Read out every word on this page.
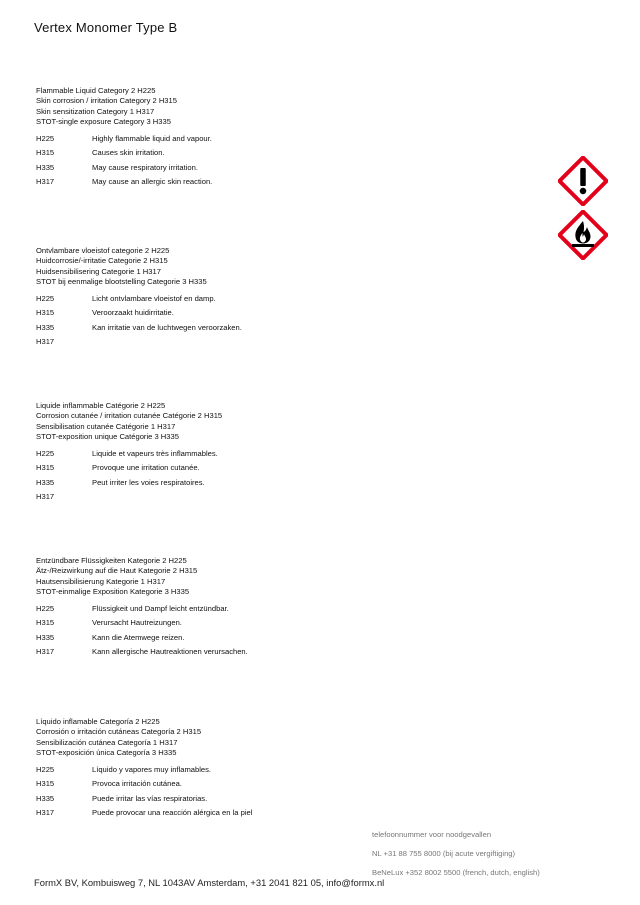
Vertex Monomer Type B
Flammable Liquid Category 2 H225
Skin corrosion / irritation Category 2 H315
Skin sensitization Category 1 H317
STOT-single exposure Category 3 H335
H225	Highly flammable liquid and vapour.
H315	Causes skin irritation.
H335	May cause respiratory irritation.
H317	May cause an allergic skin reaction.
Ontvlambare vloeistof categorie 2 H225
Huidcorrosie/-irritatie Categorie 2 H315
Huidsensibilisering Categorie 1 H317
STOT bij eenmalige blootstelling Categorie 3 H335
H225	Licht ontvlambare vloeistof en damp.
H315	Veroorzaakt huidirritatie.
H335	Kan irritatie van de luchtwegen veroorzaken.
H317
Liquide inflammable Catégorie 2 H225
Corrosion cutanée / irritation cutanée Catégorie 2 H315
Sensibilisation cutanée Catégorie 1 H317
STOT-exposition unique Catégorie 3 H335
H225	Liquide et vapeurs très inflammables.
H315	Provoque une irritation cutanée.
H335	Peut irriter les voies respiratoires.
H317
Entzündbare Flüssigkeiten Kategorie 2 H225
Ätz-/Reizwirkung auf die Haut Kategorie 2 H315
Hautsensibilisierung Kategorie 1 H317
STOT-einmalige Exposition Kategorie 3 H335
H225	Flüssigkeit und Dampf leicht entzündbar.
H315	Verursacht Hautreizungen.
H335	Kann die Atemwege reizen.
H317	Kann allergische Hautreaktionen verursachen.
Líquido inflamable Categoría 2 H225
Corrosión o irritación cutáneas Categoría 2 H315
Sensibilización cutánea Categoría 1 H317
STOT-exposición única Categoría 3 H335
H225	Líquido y vapores muy inflamables.
H315	Provoca irritación cutánea.
H335	Puede irritar las vías respiratorias.
H317	Puede provocar una reacción alérgica en la piel
telefoonnummer voor noodgevallen
NL +31 88 755 8000 (bij acute vergiftiging)
BeNeLux +352 8002 5500 (french, dutch, english)
FormX BV, Kombuisweg 7, NL 1043AV Amsterdam, +31 2041 821 05, info@formx.nl
